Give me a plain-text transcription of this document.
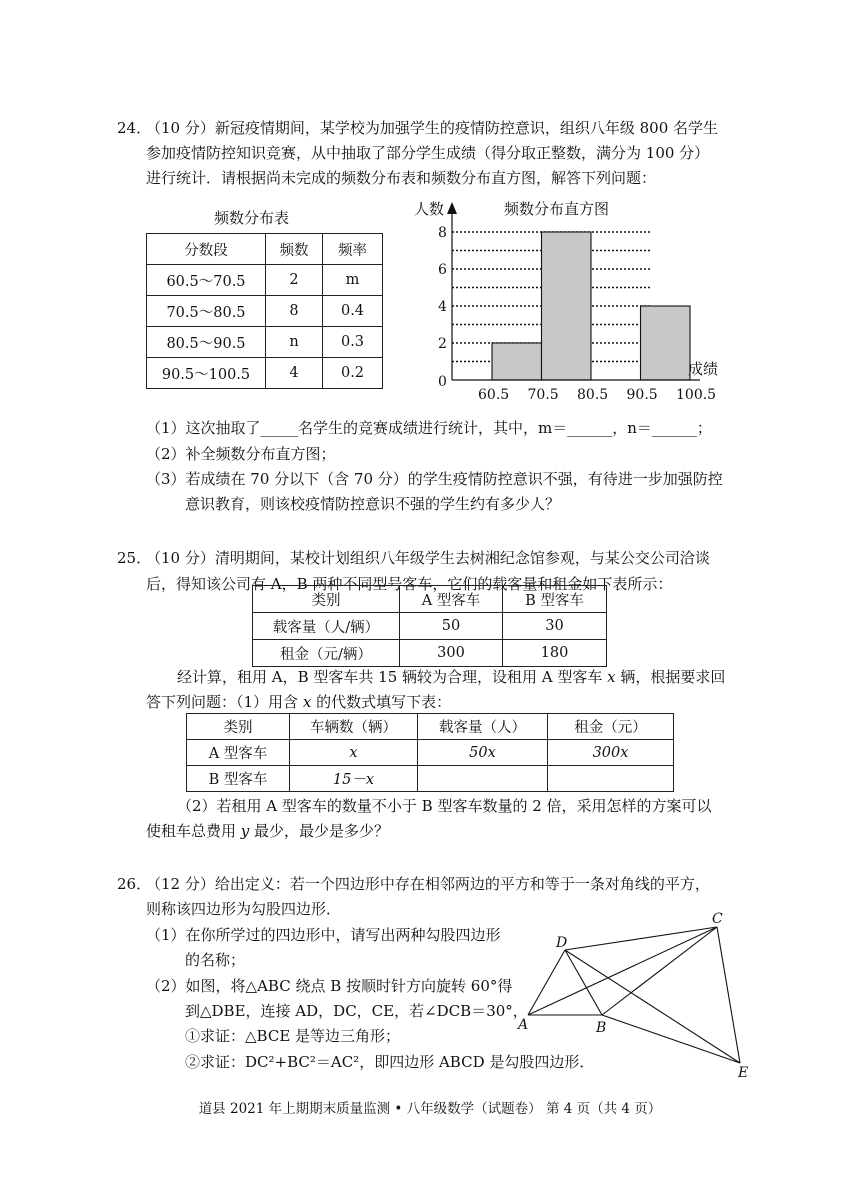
24．
（10 分）新冠疫情期间，某学校为加强学生的疫情防控意识，组织八年级 800 名学生
参加疫情防控知识竞赛，从中抽取了部分学生成绩（得分取正整数，满分为 100 分）
进行统计．请根据尚未完成的频数分布表和频数分布直方图，解答下列问题：
频数分布表
分数段	频数	频率
60.5～70.5	2	m
70.5～80.5	8	0.4
80.5～90.5	n	0.3
90.5～100.5	4	0.2
0
2
4
6
8
60.5 70.5 80.5 90.5 100.5
人数
成绩
频数分布直方图
（1）这次抽取了_____名学生的竞赛成绩进行统计，其中，m＝______，n＝______；
（2）补全频数分布直方图；
（3）若成绩在 70 分以下（含 70 分）的学生疫情防控意识不强，有待进一步加强防控
意识教育，则该校疫情防控意识不强的学生约有多少人？
25．
（10 分）清明期间，某校计划组织八年级学生去树湘纪念馆参观，与某公交公司洽谈
后，得知该公司有 A，B 两种不同型号客车，它们的载客量和租金如下表所示：
类别	A 型客车	B 型客车
载客量（人/辆）	50	30
租金（元/辆）	300	180
经计算，租用 A，B 型客车共 15 辆较为合理，设租用 A 型客车 x 辆，根据要求回
答下列问题：（1）用含 x 的代数式填写下表：
类别	车辆数（辆）	载客量（人）	租金（元）
A 型客车	x	50x	300x
B 型客车	15－x		
（2）若租用 A 型客车的数量不小于 B 型客车数量的 2 倍，采用怎样的方案可以
使租车总费用 y 最少，最少是多少？
26．
（12 分）给出定义：若一个四边形中存在相邻两边的平方和等于一条对角线的平方，
则称该四边形为勾股四边形．
（1）在你所学过的四边形中，请写出两种勾股四边形
的名称；
（2）如图，将△ABC 绕点 B 按顺时针方向旋转 60°得
到△DBE，连接 AD，DC，CE，若∠DCB＝30°，
①求证：△BCE 是等边三角形；
②求证：DC²+BC²＝AC²，即四边形 ABCD 是勾股四边形．
C
D
A	B
E
道县 2021 年上期期末质量监测 • 八年级数学（试题卷） 第 4 页（共 4 页）
